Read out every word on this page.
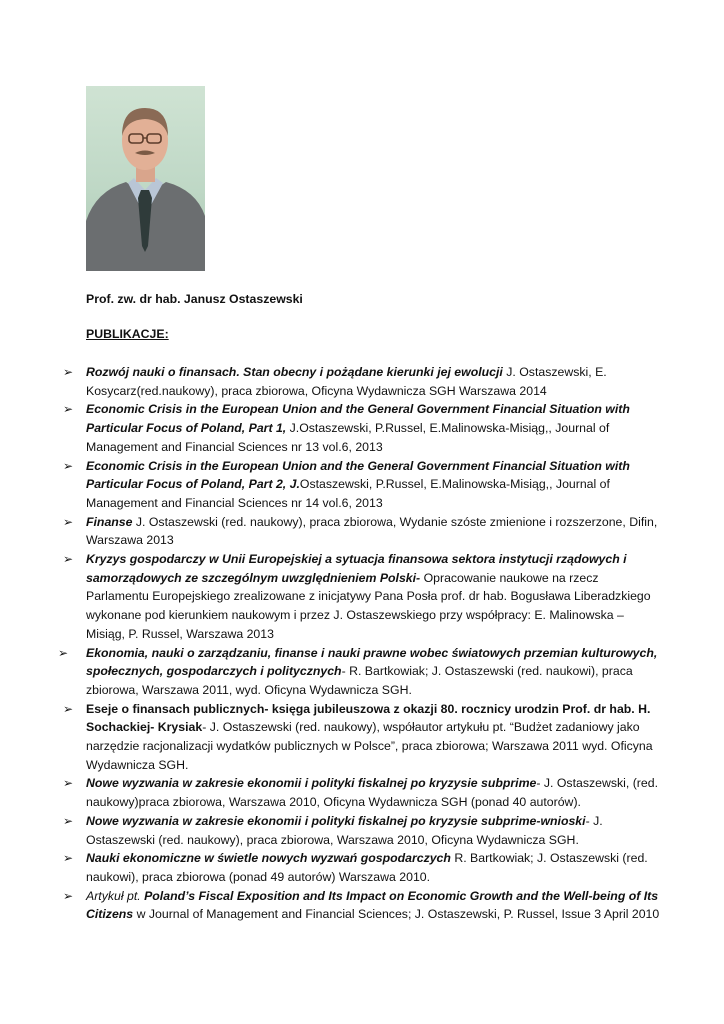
Prof. zw. dr hab. Janusz Ostaszewski
PUBLIKACJE:
➢ Rozwój nauki o finansach. Stan obecny i pożądane kierunki jej ewolucji J. Ostaszewski, E. Kosycarz(red.naukowy), praca zbiorowa, Oficyna Wydawnicza SGH Warszawa 2014
➢ Economic Crisis in the European Union and the General Government Financial Situation with Particular Focus of Poland, Part 1, J.Ostaszewski, P.Russel, E.Malinowska-Misiąg,, Journal of Management and Financial Sciences nr 13 vol.6, 2013
➢ Economic Crisis in the European Union and the General Government Financial Situation with Particular Focus of Poland, Part 2, J.Ostaszewski, P.Russel, E.Malinowska-Misiąg,, Journal of Management and Financial Sciences nr 14 vol.6, 2013
➢ Finanse J. Ostaszewski (red. naukowy), praca zbiorowa, Wydanie szóste zmienione i rozszerzone, Difin, Warszawa 2013
➢ Kryzys gospodarczy w Unii Europejskiej a sytuacja finansowa sektora instytucji rządowych i samorządowych ze szczególnym uwzględnieniem Polski- Opracowanie naukowe na rzecz Parlamentu Europejskiego zrealizowane z inicjatywy Pana Posła prof. dr hab. Bogusława Liberadzkiego wykonane pod kierunkiem naukowym i przez J. Ostaszewskiego przy współpracy: E. Malinowska – Misiąg, P. Russel, Warszawa 2013
➢ Ekonomia, nauki o zarządzaniu, finanse i nauki prawne wobec światowych przemian kulturowych, społecznych, gospodarczych i politycznych- R. Bartkowiak; J. Ostaszewski (red. naukowi), praca zbiorowa, Warszawa 2011, wyd. Oficyna Wydawnicza SGH.
➢ Eseje o finansach publicznych- księga jubileuszowa z okazji 80. rocznicy urodzin Prof. dr hab. H. Sochackiej- Krysiak- J. Ostaszewski (red. naukowy), współautor artykułu pt. “Budżet zadaniowy jako narzędzie racjonalizacji wydatków publicznych w Polsce”, praca zbiorowa; Warszawa 2011 wyd. Oficyna Wydawnicza SGH.
➢ Nowe wyzwania w zakresie ekonomii i polityki fiskalnej po kryzysie subprime- J. Ostaszewski, (red. naukowy)praca zbiorowa, Warszawa 2010, Oficyna Wydawnicza SGH (ponad 40 autorów).
➢ Nowe wyzwania w zakresie ekonomii i polityki fiskalnej po kryzysie subprime-wnioski- J. Ostaszewski (red. naukowy), praca zbiorowa, Warszawa 2010, Oficyna Wydawnicza SGH.
➢ Nauki ekonomiczne w świetle nowych wyzwań gospodarczych R. Bartkowiak; J. Ostaszewski (red. naukowi), praca zbiorowa (ponad 49 autorów) Warszawa 2010.
➢ Artykuł pt. Poland’s Fiscal Exposition and Its Impact on Economic Growth and the Well-being of Its Citizens w Journal of Management and Financial Sciences; J. Ostaszewski, P. Russel, Issue 3 April 2010
